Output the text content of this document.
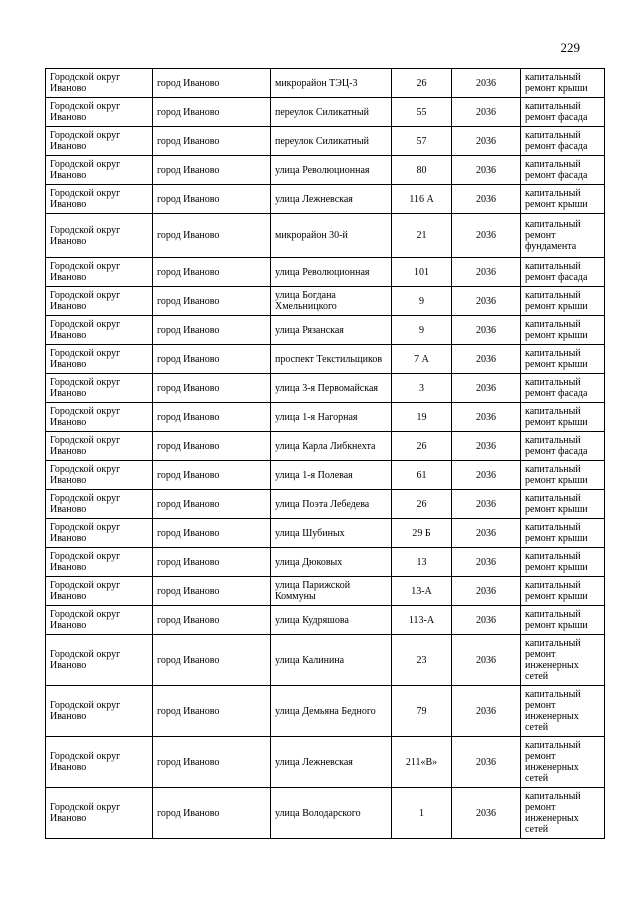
229
Городской округ Иваново	город Иваново	микрорайон ТЭЦ-3	26	2036	капитальный ремонт крыши
Городской округ Иваново	город Иваново	переулок Силикатный	55	2036	капитальный ремонт фасада
Городской округ Иваново	город Иваново	переулок Силикатный	57	2036	капитальный ремонт фасада
Городской округ Иваново	город Иваново	улица Революционная	80	2036	капитальный ремонт фасада
Городской округ Иваново	город Иваново	улица Лежневская	116 А	2036	капитальный ремонт крыши
Городской округ Иваново	город Иваново	микрорайон 30-й	21	2036	капитальный ремонт фундамента
Городской округ Иваново	город Иваново	улица Революционная	101	2036	капитальный ремонт фасада
Городской округ Иваново	город Иваново	улица Богдана Хмельницкого	9	2036	капитальный ремонт крыши
Городской округ Иваново	город Иваново	улица Рязанская	9	2036	капитальный ремонт крыши
Городской округ Иваново	город Иваново	проспект Текстильщиков	7 А	2036	капитальный ремонт крыши
Городской округ Иваново	город Иваново	улица 3-я Первомайская	3	2036	капитальный ремонт фасада
Городской округ Иваново	город Иваново	улица 1-я Нагорная	19	2036	капитальный ремонт крыши
Городской округ Иваново	город Иваново	улица Карла Либкнехта	26	2036	капитальный ремонт фасада
Городской округ Иваново	город Иваново	улица 1-я Полевая	61	2036	капитальный ремонт крыши
Городской округ Иваново	город Иваново	улица Поэта Лебедева	26	2036	капитальный ремонт крыши
Городской округ Иваново	город Иваново	улица Шубиных	29 Б	2036	капитальный ремонт крыши
Городской округ Иваново	город Иваново	улица Дюковых	13	2036	капитальный ремонт крыши
Городской округ Иваново	город Иваново	улица Парижской Коммуны	13-А	2036	капитальный ремонт крыши
Городской округ Иваново	город Иваново	улица Кудряшова	113-А	2036	капитальный ремонт крыши
Городской округ Иваново	город Иваново	улица Калинина	23	2036	капитальный ремонт инженерных сетей
Городской округ Иваново	город Иваново	улица Демьяна Бедного	79	2036	капитальный ремонт инженерных сетей
Городской округ Иваново	город Иваново	улица Лежневская	211«В»	2036	капитальный ремонт инженерных сетей
Городской округ Иваново	город Иваново	улица Володарского	1	2036	капитальный ремонт инженерных сетей
